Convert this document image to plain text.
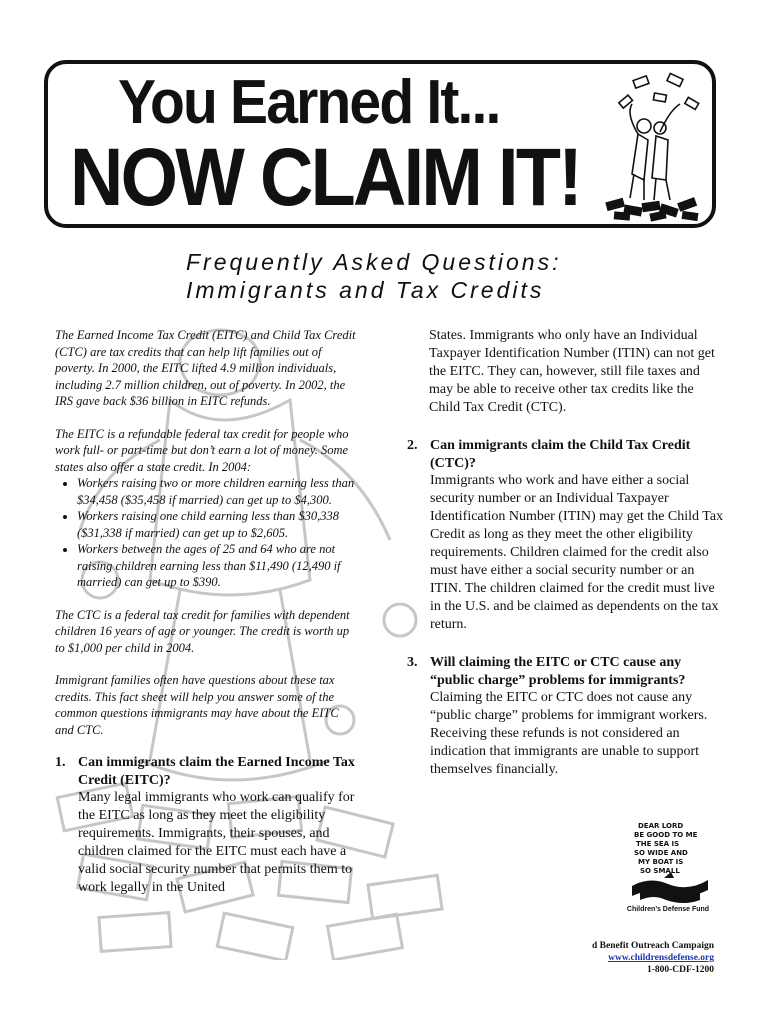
You Earned It...
NOW CLAIM IT!
Frequently Asked Questions:
Immigrants and Tax Credits

The Earned Income Tax Credit (EITC) and Child Tax Credit (CTC) are tax credits that can help lift families out of poverty. In 2000, the EITC lifted 4.9 million individuals, including 2.7 million children, out of poverty. In 2002, the IRS gave back $36 billion in EITC refunds.

The EITC is a refundable federal tax credit for people who work full- or part-time but don’t earn a lot of money. Some states also offer a state credit. In 2004:

• Workers raising two or more children earning less than $34,458 ($35,458 if married) can get up to $4,300.
• Workers raising one child earning less than $30,338 ($31,338 if married) can get up to $2,605.
• Workers between the ages of 25 and 64 who are not raising children earning less than $11,490 (12,490 if married) can get up to $390.

The CTC is a federal tax credit for families with dependent children 16 years of age or younger. The credit is worth up to $1,000 per child in 2004.

Immigrant families often have questions about these tax credits. This fact sheet will help you answer some of the common questions immigrants may have about the EITC and CTC.

1. Can immigrants claim the Earned Income Tax Credit (EITC)?
Many legal immigrants who work can qualify for the EITC as long as they meet the eligibility requirements. Immigrants, their spouses, and children claimed for the EITC must each have a valid social security number that permits them to work legally in the United
States. Immigrants who only have an Individual Taxpayer Identification Number (ITIN) can not get the EITC. They can, however, still file taxes and may be able to receive other tax credits like the Child Tax Credit (CTC).
2. Can immigrants claim the Child Tax Credit (CTC)?
Immigrants who work and have either a social security number or an Individual Taxpayer Identification Number (ITIN) may get the Child Tax Credit as long as they meet the other eligibility requirements. Children claimed for the credit also must have either a social security number or an ITIN. The children claimed for the credit must live in the U.S. and be claimed as dependents on the tax return.
3. Will claiming the EITC or CTC cause any “public charge” problems for immigrants?
Claiming the EITC or CTC does not cause any “public charge” problems for immigrant workers. Receiving these refunds is not considered an indication that immigrants are unable to support themselves financially.
DEAR LORD
BE GOOD TO ME
THE SEA IS
SO WIDE AND
MY BOAT IS
SO SMALL
Children’s Defense Fund
d Benefit Outreach Campaign
www.childrensdefense.org
1-800-CDF-1200
